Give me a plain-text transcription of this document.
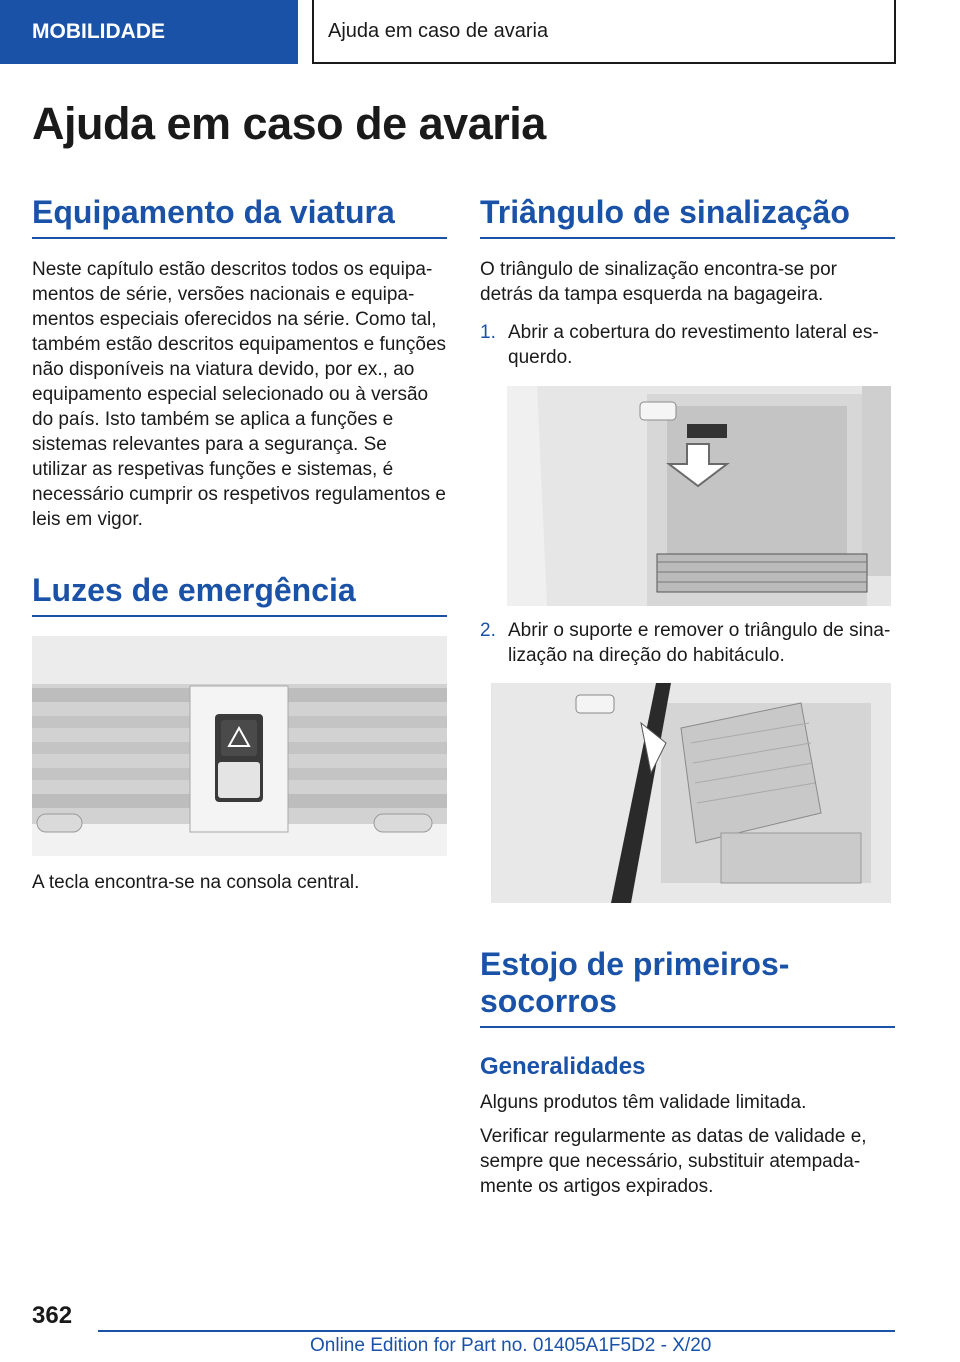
MOBILIDADE	Ajuda em caso de avaria
Ajuda em caso de avaria
Equipamento da viatura

Neste capítulo estão descritos todos os equipamentos de série, versões nacionais e equipamentos especiais oferecidos na série. Como tal, também estão descritos equipamentos e funções não disponíveis na viatura devido, por ex., ao equipamento especial selecionado ou à versão do país. Isto também se aplica a funções e sistemas relevantes para a segurança. Se utilizar as respetivas funções e sistemas, é necessário cumprir os respetivos regulamentos e leis em vigor.

Luzes de emergência

A tecla encontra-se na consola central.

Triângulo de sinalização

O triângulo de sinalização encontra-se por detrás da tampa esquerda na bagageira.

1. Abrir a cobertura do revestimento lateral esquerdo.
2. Abrir o suporte e remover o triângulo de sinalização na direção do habitáculo.
Estojo de primeiros-socorros
Generalidades

Alguns produtos têm validade limitada.

Verificar regularmente as datas de validade e, sempre que necessário, substituir atempadamente os artigos expirados.

362
Online Edition for Part no. 01405A1F5D2 - X/20
